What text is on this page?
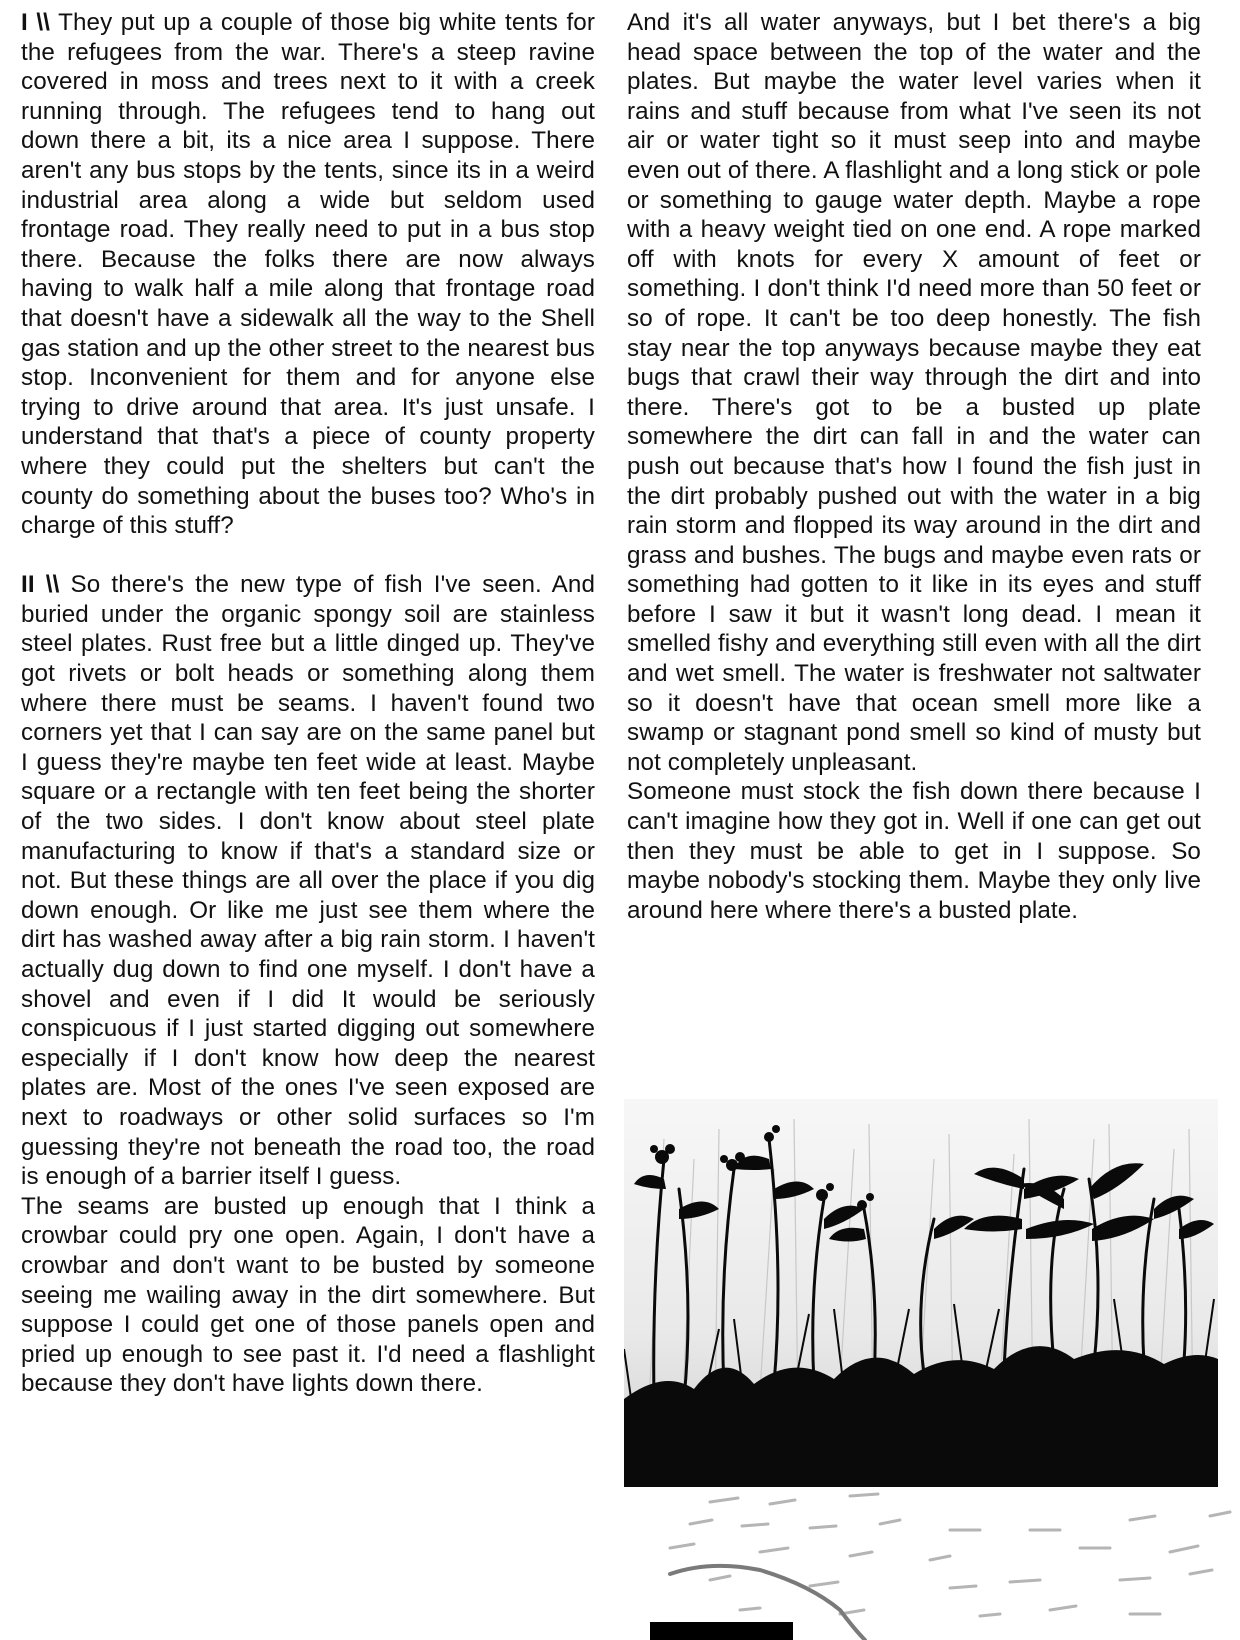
I \\ They put up a couple of those big white tents for the refugees from the war. There's a steep ravine covered in moss and trees next to it with a creek running through. The refugees tend to hang out down there a bit, its a nice area I suppose. There aren't any bus stops by the tents, since its in a weird industrial area along a wide but seldom used frontage road. They really need to put in a bus stop there. Because the folks there are now always having to walk half a mile along that frontage road that doesn't have a sidewalk all the way to the Shell gas station and up the other street to the nearest bus stop. Inconvenient for them and for anyone else trying to drive around that area. It's just unsafe. I understand that that's a piece of county property where they could put the shelters but can't the county do something about the buses too? Who's in charge of this stuff?

II \\ So there's the new type of fish I've seen. And buried under the organic spongy soil are stainless steel plates. Rust free but a little dinged up. They've got rivets or bolt heads or something along them where there must be seams. I haven't found two corners yet that I can say are on the same panel but I guess they're maybe ten feet wide at least. Maybe square or a rectangle with ten feet being the shorter of the two sides. I don't know about steel plate manufacturing to know if that's a standard size or not. But these things are all over the place if you dig down enough. Or like me just see them where the dirt has washed away after a big rain storm. I haven't actually dug down to find one myself. I don't have a shovel and even if I did It would be seriously conspicuous if I just started digging out somewhere especially if I don't know how deep the nearest plates are. Most of the ones I've seen exposed are next to roadways or other solid surfaces so I'm guessing they're not beneath the road too, the road is enough of a barrier itself I guess.

The seams are busted up enough that I think a crowbar could pry one open. Again, I don't have a crowbar and don't want to be busted by someone seeing me wailing away in the dirt somewhere. But suppose I could get one of those panels open and pried up enough to see past it. I'd need a flashlight because they don't have lights down there.

And it's all water anyways, but I bet there's a big head space between the top of the water and the plates. But maybe the water level varies when it rains and stuff because from what I've seen its not air or water tight so it must seep into and maybe even out of there. A flashlight and a long stick or pole or something to gauge water depth. Maybe a rope with a heavy weight tied on one end. A rope marked off with knots for every X amount of feet or something. I don't think I'd need more than 50 feet or so of rope. It can't be too deep honestly. The fish stay near the top anyways because maybe they eat bugs that crawl their way through the dirt and into there. There's got to be a busted up plate somewhere the dirt can fall in and the water can push out because that's how I found the fish just in the dirt probably pushed out with the water in a big rain storm and flopped its way around in the dirt and grass and bushes. The bugs and maybe even rats or something had gotten to it like in its eyes and stuff before I saw it but it wasn't long dead. I mean it smelled fishy and everything still even with all the dirt and wet smell. The water is freshwater not saltwater so it doesn't have that ocean smell more like a swamp or stagnant pond smell so kind of musty but not completely unpleasant.

Someone must stock the fish down there because I can't imagine how they got in. Well if one can get out then they must be able to get in I suppose. So maybe nobody's stocking them. Maybe they only live around here where there's a busted plate.
